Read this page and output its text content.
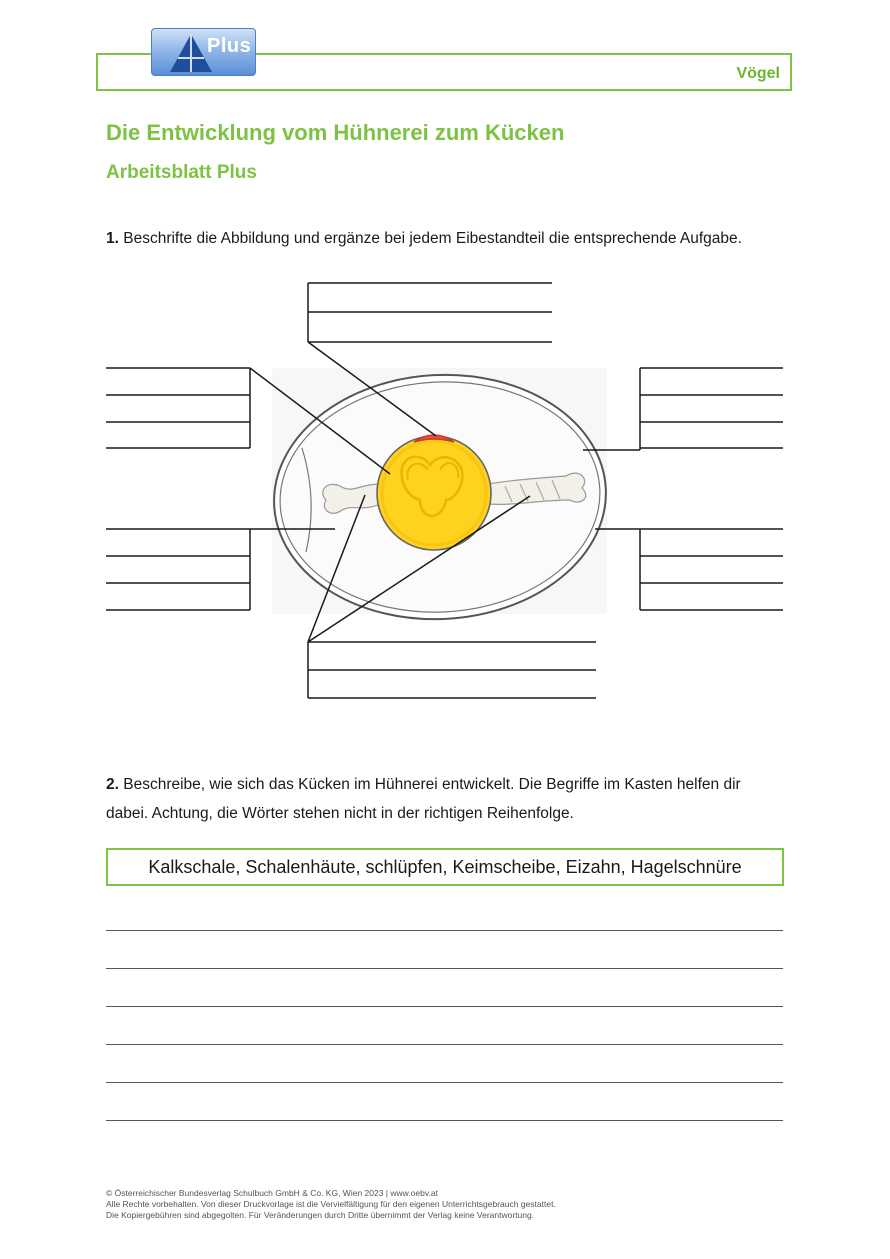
Vögel
Plus
Die Entwicklung vom Hühnerei zum Kücken
Arbeitsblatt Plus
1. Beschrifte die Abbildung und ergänze bei jedem Eibestandteil die entsprechende Aufgabe.
2. Beschreibe, wie sich das Kücken im Hühnerei entwickelt. Die Begriffe im Kasten helfen dir
dabei. Achtung, die Wörter stehen nicht in der richtigen Reihenfolge.
Kalkschale, Schalenhäute, schlüpfen, Keimscheibe, Eizahn, Hagelschnüre
© Österreichischer Bundesverlag Schulbuch GmbH & Co. KG, Wien 2023 | www.oebv.at
Alle Rechte vorbehalten. Von dieser Druckvorlage ist die Vervielfältigung für den eigenen Unterrichtsgebrauch gestattet.
Die Kopiergebühren sind abgegolten. Für Veränderungen durch Dritte übernimmt der Verlag keine Verantwortung.
